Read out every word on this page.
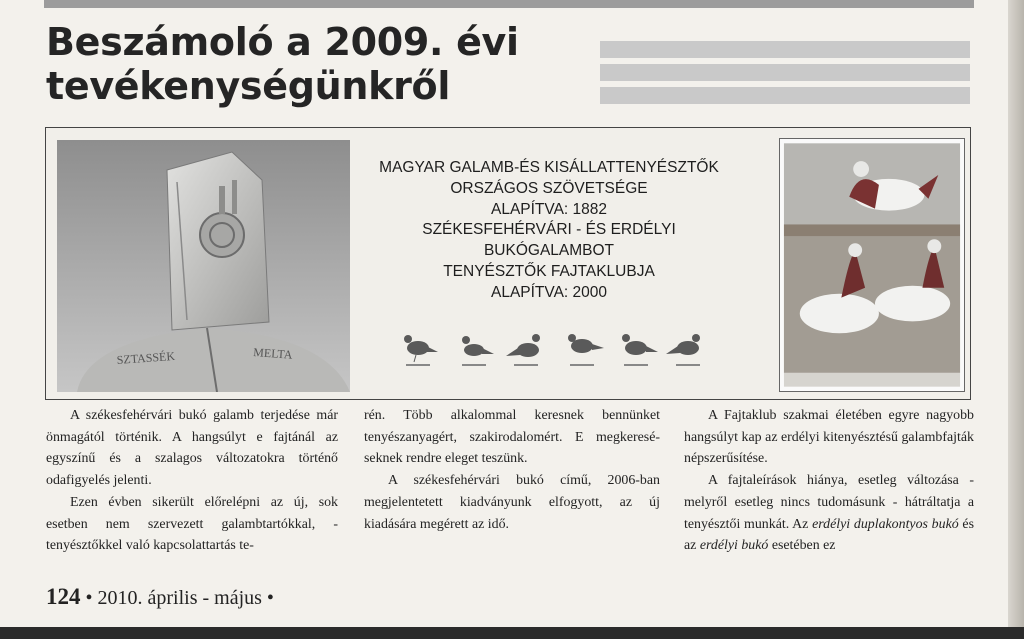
Beszámoló a 2009. évi
tevékenységünkről
SZTASSÉK	MELTA
MAGYAR GALAMB-ÉS KISÁLLATTENYÉSZTŐK
ORSZÁGOS SZÖVETSÉGE
ALAPÍTVA: 1882
SZÉKESFEHÉRVÁRI - ÉS ERDÉLYI
BUKÓGALAMBOT
TENYÉSZTŐK FAJTAKLUBJA
ALAPÍTVA: 2000

A székesfehérvári bukó galamb terjedése már önmagától történik. A hangsúlyt e fajtánál az egyszínű és a szalagos változatokra történő odafigyelés jelenti.

Ezen évben sikerült előrelépni az új, sok esetben nem szervezett galambtartókkal, -tenyésztőkkel való kapcsolattartás te-

rén. Több alkalommal keresnek bennünket tenyészanyagért, szakirodalomért. E megkereséseknek rendre eleget teszünk.

A székesfehérvári bukó című, 2006-ban megjelentetett kiadványunk elfogyott, az új kiadására megérett az idő.

A Fajtaklub szakmai életében egyre nagyobb hangsúlyt kap az erdélyi kitenyésztésű galambfajták népszerűsítése.

A fajtaleírások hiánya, esetleg változása - melyről esetleg nincs tudomásunk - hátráltatja a tenyésztői munkát. Az erdélyi duplakontyos bukó és az erdélyi bukó esetében ez

124 • 2010. április - május •
